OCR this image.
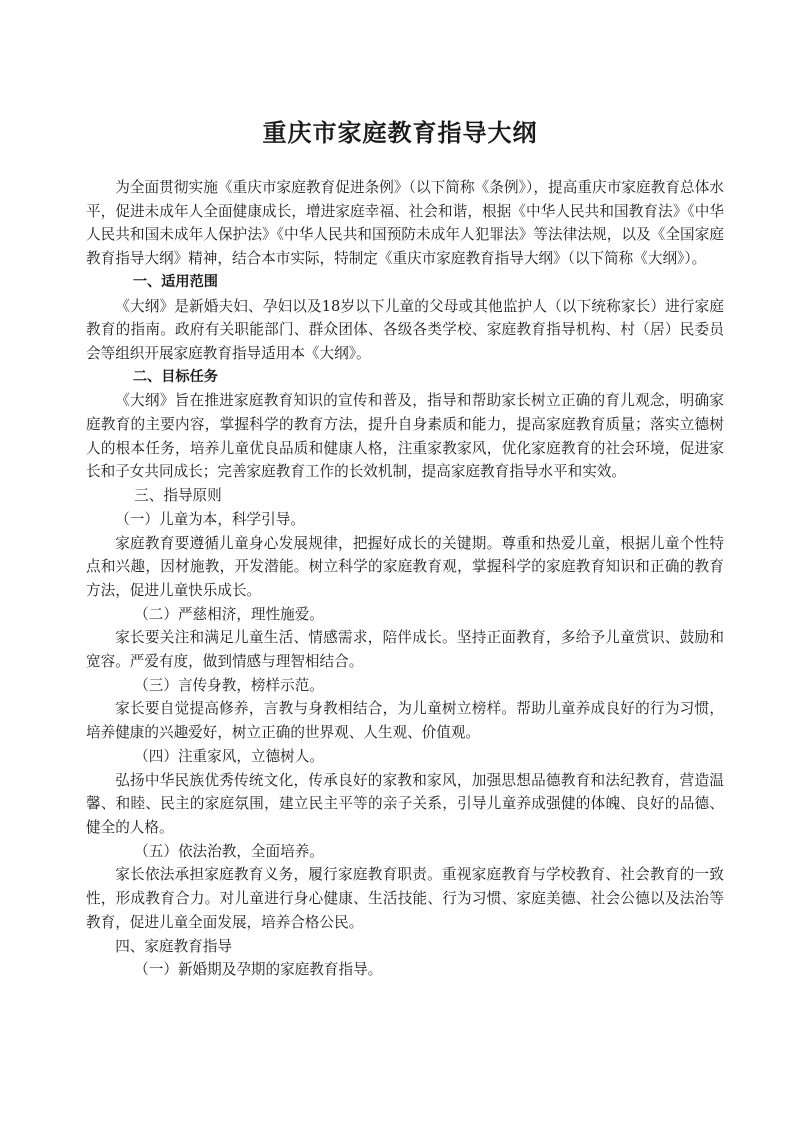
重庆市家庭教育指导大纲

为全面贯彻实施《重庆市家庭教育促进条例》（以下简称《条例》），提高重庆市家庭教育总体水平，促进未成年人全面健康成长，增进家庭幸福、社会和谐，根据《中华人民共和国教育法》《中华人民共和国未成年人保护法》《中华人民共和国预防未成年人犯罪法》等法律法规，以及《全国家庭教育指导大纲》精神，结合本市实际，特制定《重庆市家庭教育指导大纲》（以下简称《大纲》）。

一、适用范围

《大纲》是新婚夫妇、孕妇以及18岁以下儿童的父母或其他监护人（以下统称家长）进行家庭教育的指南。政府有关职能部门、群众团体、各级各类学校、家庭教育指导机构、村（居）民委员会等组织开展家庭教育指导适用本《大纲》。

二、目标任务

《大纲》旨在推进家庭教育知识的宣传和普及，指导和帮助家长树立正确的育儿观念，明确家庭教育的主要内容，掌握科学的教育方法，提升自身素质和能力，提高家庭教育质量；落实立德树人的根本任务，培养儿童优良品质和健康人格，注重家教家风，优化家庭教育的社会环境，促进家长和子女共同成长；完善家庭教育工作的长效机制，提高家庭教育指导水平和实效。

三、指导原则

（一）儿童为本，科学引导。

家庭教育要遵循儿童身心发展规律，把握好成长的关键期。尊重和热爱儿童，根据儿童个性特点和兴趣，因材施教，开发潜能。树立科学的家庭教育观，掌握科学的家庭教育知识和正确的教育方法，促进儿童快乐成长。

（二）严慈相济，理性施爱。

家长要关注和满足儿童生活、情感需求，陪伴成长。坚持正面教育，多给予儿童赏识、鼓励和宽容。严爱有度，做到情感与理智相结合。

（三）言传身教，榜样示范。

家长要自觉提高修养，言教与身教相结合，为儿童树立榜样。帮助儿童养成良好的行为习惯，培养健康的兴趣爱好，树立正确的世界观、人生观、价值观。

（四）注重家风，立德树人。

弘扬中华民族优秀传统文化，传承良好的家教和家风，加强思想品德教育和法纪教育，营造温馨、和睦、民主的家庭氛围，建立民主平等的亲子关系，引导儿童养成强健的体魄、良好的品德、健全的人格。

（五）依法治教，全面培养。

家长依法承担家庭教育义务，履行家庭教育职责。重视家庭教育与学校教育、社会教育的一致性，形成教育合力。对儿童进行身心健康、生活技能、行为习惯、家庭美德、社会公德以及法治等教育，促进儿童全面发展，培养合格公民。

四、家庭教育指导

（一）新婚期及孕期的家庭教育指导。
